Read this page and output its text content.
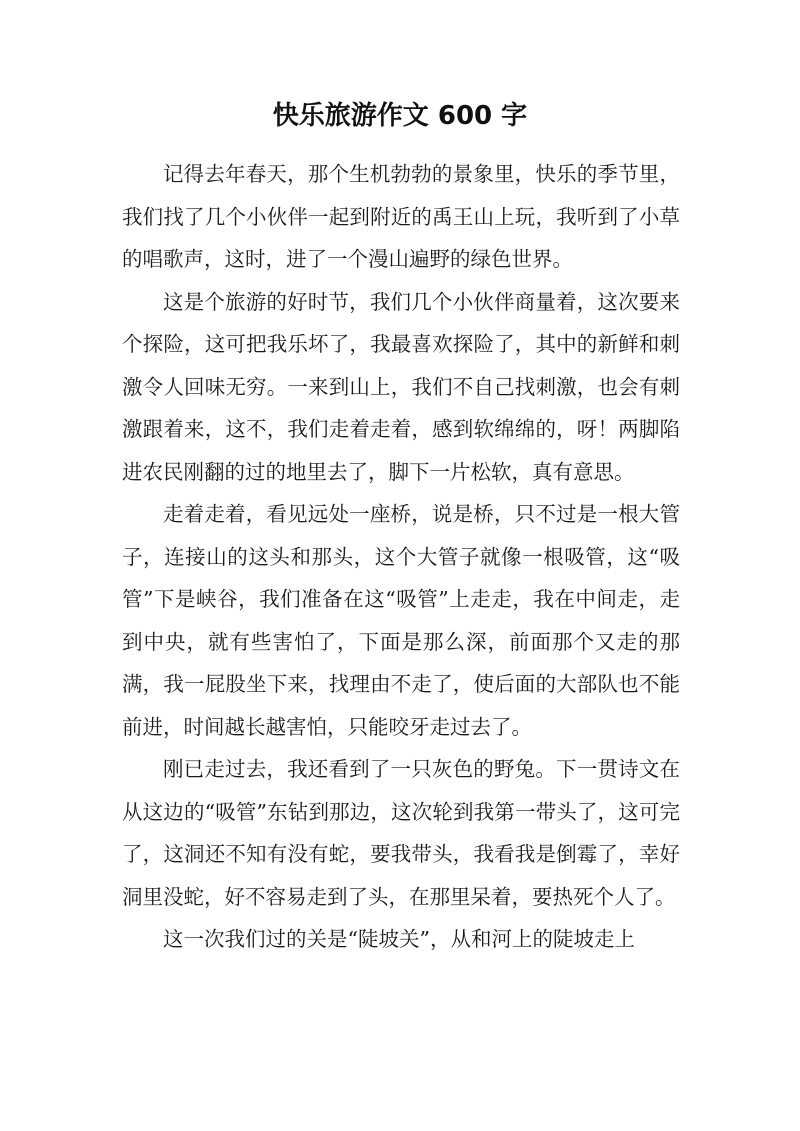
快乐旅游作文 600 字

记得去年春天，那个生机勃勃的景象里，快乐的季节里，我们找了几个小伙伴一起到附近的禹王山上玩，我听到了小草的唱歌声，这时，进了一个漫山遍野的绿色世界。

这是个旅游的好时节，我们几个小伙伴商量着，这次要来个探险，这可把我乐坏了，我最喜欢探险了，其中的新鲜和刺激令人回味无穷。一来到山上，我们不自己找刺激，也会有刺激跟着来，这不，我们走着走着，感到软绵绵的，呀！两脚陷进农民刚翻的过的地里去了，脚下一片松软，真有意思。

走着走着，看见远处一座桥，说是桥，只不过是一根大管子，连接山的这头和那头，这个大管子就像一根吸管，这“吸管”下是峡谷，我们准备在这“吸管”上走走，我在中间走，走到中央，就有些害怕了，下面是那么深，前面那个又走的那满，我一屁股坐下来，找理由不走了，使后面的大部队也不能前进，时间越长越害怕，只能咬牙走过去了。

刚已走过去，我还看到了一只灰色的野兔。下一贯诗文在从这边的“吸管”东钻到那边，这次轮到我第一带头了，这可完了，这洞还不知有没有蛇，要我带头，我看我是倒霉了，幸好洞里没蛇，好不容易走到了头，在那里呆着，要热死个人了。

这一次我们过的关是“陡坡关”，从和河上的陡坡走上
